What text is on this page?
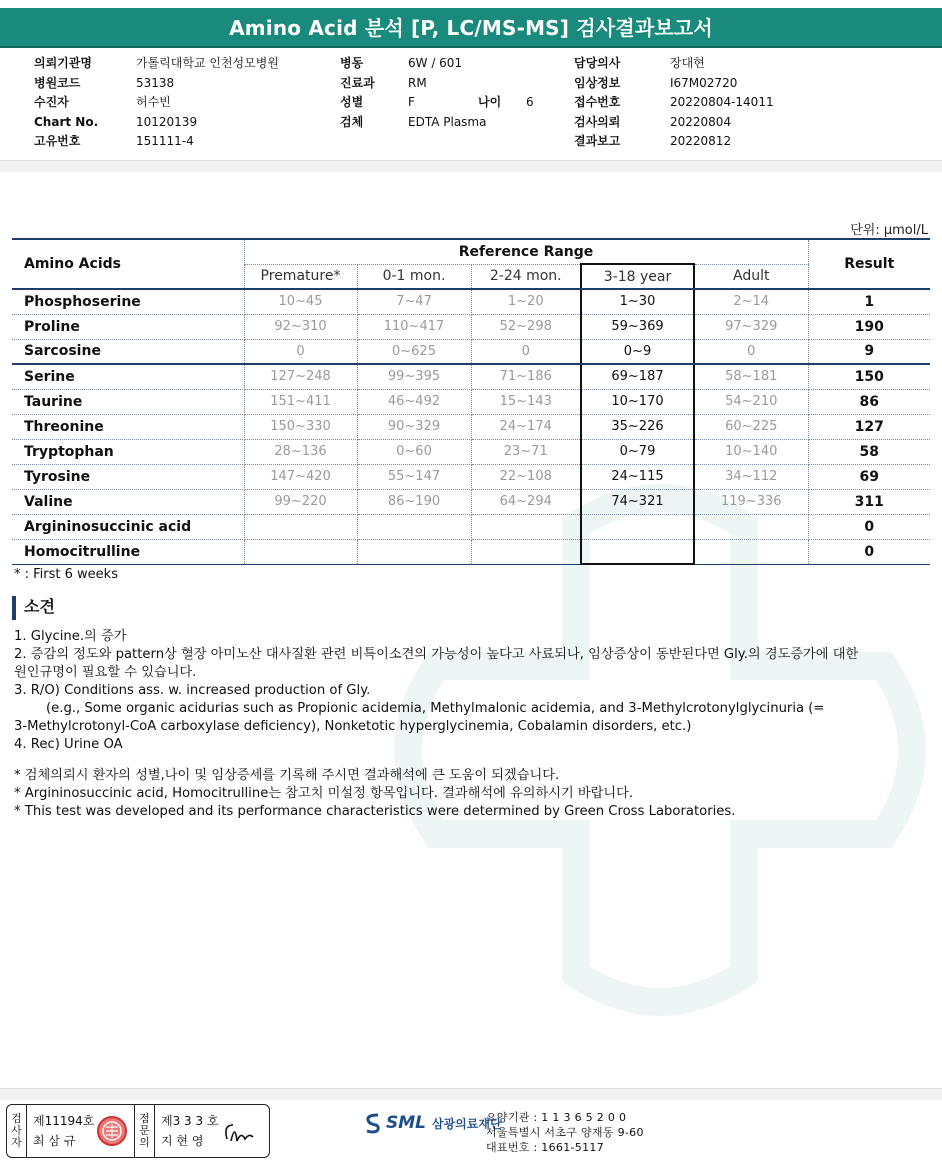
Amino Acid 분석 [P, LC/MS-MS] 검사결과보고서
의뢰기관명	가톨릭대학교 인천성모병원
병원코드	53138
수진자	허수빈
Chart No.	10120139
고유번호	151111-4
병동	6W / 601
진료과	RM
성별	F	나이	6
검체	EDTA Plasma
담당의사	장대현
임상정보	I67M02720
접수번호	20220804-14011
검사의뢰	20220804
결과보고	20220812
단위: μmol/L
Amino Acids	Reference Range					Result
	Premature*	0-1 mon.	2-24 mon.	3-18 year	Adult	
Phosphoserine	10~45	7~47	1~20	1~30	2~14	1
Proline	92~310	110~417	52~298	59~369	97~329	190
Sarcosine	0	0~625	0	0~9	0	9
Serine	127~248	99~395	71~186	69~187	58~181	150
Taurine	151~411	46~492	15~143	10~170	54~210	86
Threonine	150~330	90~329	24~174	35~226	60~225	127
Tryptophan	28~136	0~60	23~71	0~79	10~140	58
Tyrosine	147~420	55~147	22~108	24~115	34~112	69
Valine	99~220	86~190	64~294	74~321	119~336	311
Argininosuccinic acid						0
Homocitrulline						0
* : First 6 weeks
소견

1. Glycine.의 증가

2. 증감의 정도와 pattern상 혈장 아미노산 대사질환 관련 비특이소견의 가능성이 높다고 사료되나, 임상증상이 동반된다면 Gly.의 경도증가에 대한

원인규명이 필요할 수 있습니다.

3. R/O) Conditions ass. w. increased production of Gly.

(e.g., Some organic acidurias such as Propionic acidemia, Methylmalonic acidemia, and 3-Methylcrotonylglycinuria (=

3-Methylcrotonyl-CoA carboxylase deficiency), Nonketotic hyperglycinemia, Cobalamin disorders, etc.)

4. Rec) Urine OA

* 검체의뢰시 환자의 성별,나이 및 임상증세를 기록해 주시면 결과해석에 큰 도움이 되겠습니다.

* Argininosuccinic acid, Homocitrulline는 참고치 미설정 항목입니다. 결과해석에 유의하시기 바랍니다.

* This test was developed and its performance characteristics were determined by Green Cross Laboratories.

검
사
자
제11194호
최 삼 규
점
문
의
제3 3 3 호
지 현 영
SML 삼광의료재단
요양기관 : 1 1 3 6 5 2 0 0
서울특별시 서초구 양재동 9-60
대표번호 : 1661-5117
